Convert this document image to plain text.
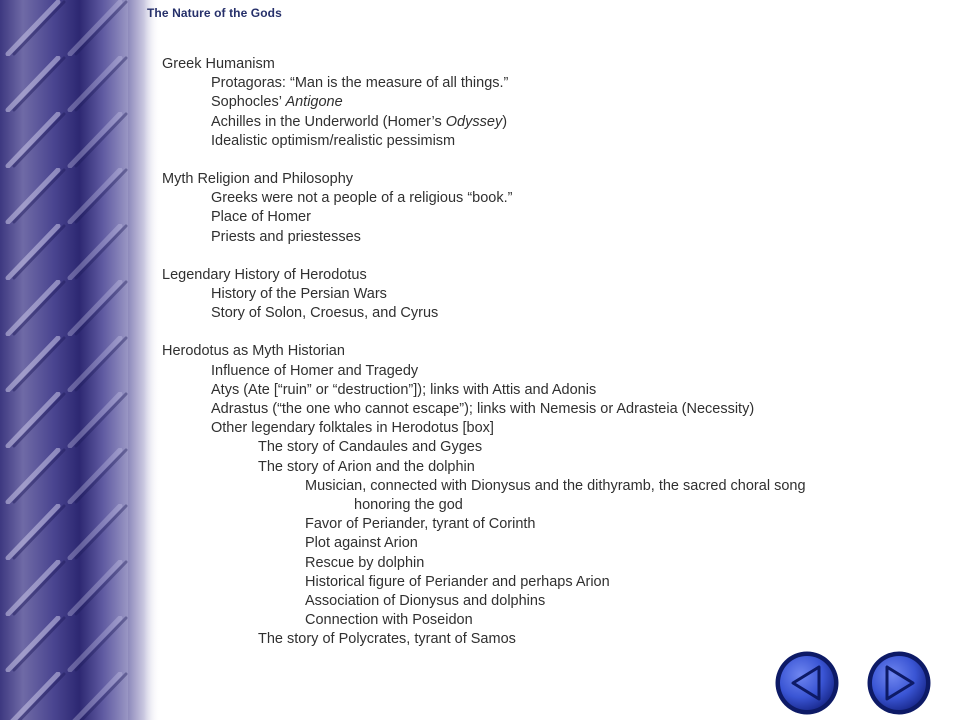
The Nature of the Gods
Greek Humanism
Protagoras: “Man is the measure of all things.”
Sophocles’ Antigone
Achilles in the Underworld (Homer’s Odyssey)
Idealistic optimism/realistic pessimism
Myth Religion and Philosophy
Greeks were not a people of a religious “book.”
Place of Homer
Priests and priestesses
Legendary History of Herodotus
History of the Persian Wars
Story of Solon, Croesus, and Cyrus
Herodotus as Myth Historian
Influence of Homer and Tragedy
Atys (Ate [“ruin” or “destruction”]); links with Attis and Adonis
Adrastus (“the one who cannot escape”); links with Nemesis or Adrasteia (Necessity)
Other legendary folktales in Herodotus [box]
The story of Candaules and Gyges
The story of Arion and the dolphin
Musician, connected with Dionysus and the dithyramb, the sacred choral song
honoring the god
Favor of Periander, tyrant of Corinth
Plot against Arion
Rescue by dolphin
Historical figure of Periander and perhaps Arion
Association of Dionysus and dolphins
Connection with Poseidon
The story of Polycrates, tyrant of Samos
